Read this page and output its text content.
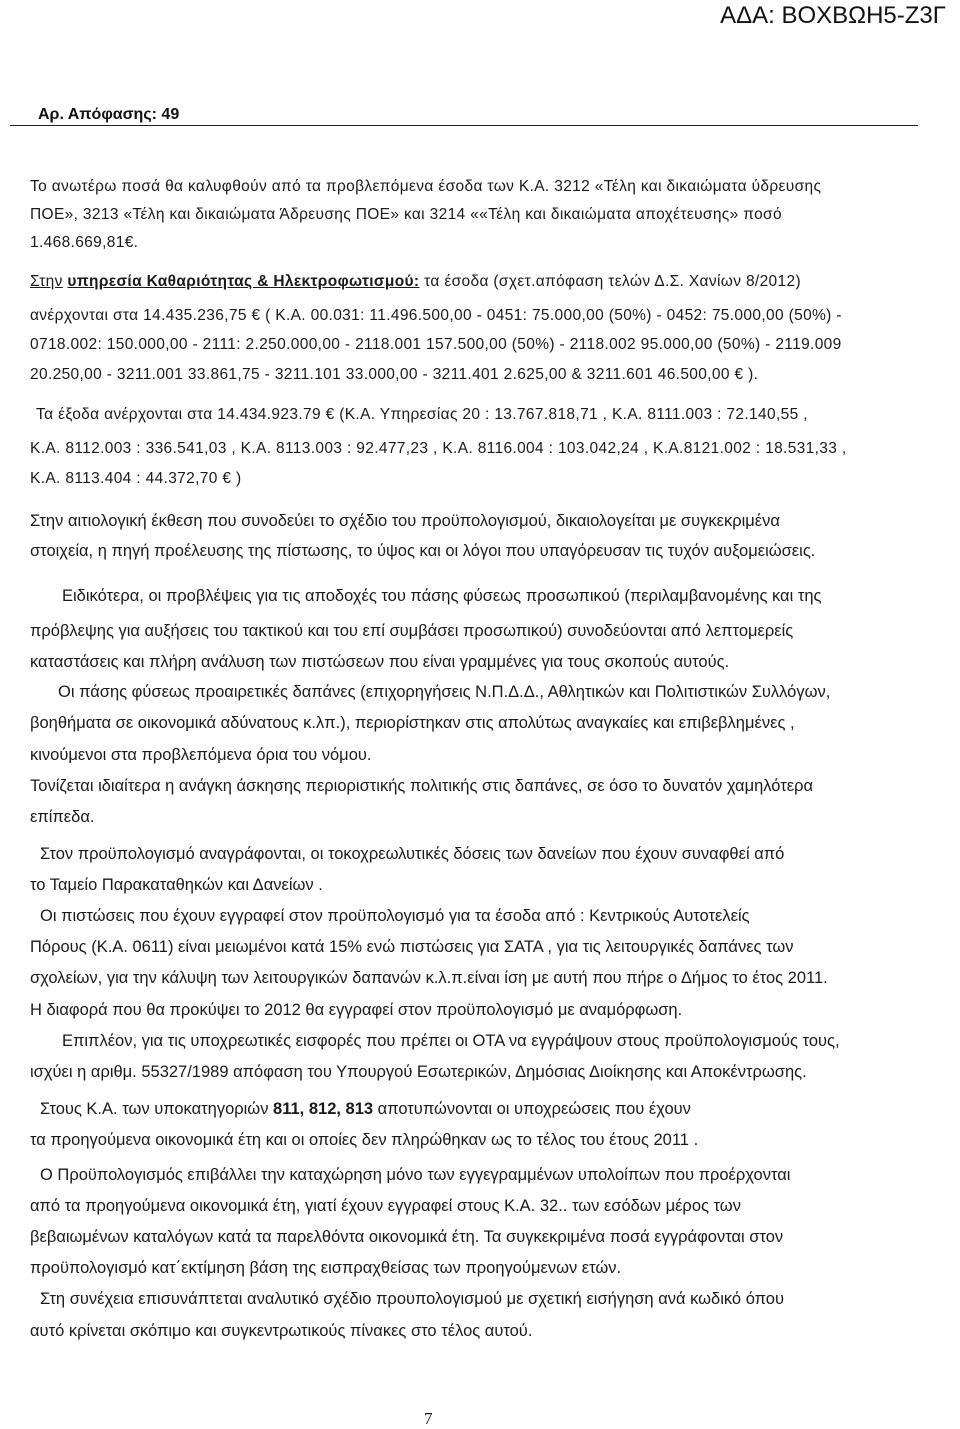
ΑΔΑ: ΒΟΧΒΩΗ5-Ζ3Γ
Αρ. Απόφασης: 49
Το ανωτέρω ποσά θα καλυφθούν από τα προβλεπόμενα έσοδα των Κ.Α. 3212 «Τέλη και δικαιώματα ύδρευσης
ΠΟΕ», 3213 «Τέλη και δικαιώματα Άδρευσης ΠΟΕ» και 3214 ««Τέλη και δικαιώματα αποχέτευσης» ποσό
1.468.669,81€.
Στην υπηρεσία Καθαριότητας & Ηλεκτροφωτισμού: τα έσοδα (σχετ.απόφαση τελών Δ.Σ. Χανίων 8/2012)
ανέρχονται στα 14.435.236,75 € ( Κ.Α. 00.031: 11.496.500,00 - 0451: 75.000,00 (50%) - 0452: 75.000,00 (50%) -
0718.002: 150.000,00 - 2111: 2.250.000,00 - 2118.001 157.500,00 (50%) - 2118.002 95.000,00 (50%) - 2119.009
20.250,00 - 3211.001 33.861,75 - 3211.101 33.000,00 - 3211.401 2.625,00 & 3211.601 46.500,00 € ).
Τα έξοδα ανέρχονται στα 14.434.923.79 € (Κ.Α. Υπηρεσίας 20 : 13.767.818,71 , Κ.Α. 8111.003 : 72.140,55 ,
Κ.Α. 8112.003 : 336.541,03 , Κ.Α. 8113.003 : 92.477,23 , Κ.Α. 8116.004 : 103.042,24 , Κ.Α.8121.002 : 18.531,33 ,
Κ.Α. 8113.404 : 44.372,70 € )
Στην αιτιολογική έκθεση που συνοδεύει το σχέδιο του προϋπολογισμού, δικαιολογείται με συγκεκριμένα
στοιχεία, η πηγή προέλευσης της πίστωσης, το ύψος και οι λόγοι που υπαγόρευσαν τις τυχόν αυξομειώσεις.
Ειδικότερα, οι προβλέψεις για τις αποδοχές του πάσης φύσεως προσωπικού (περιλαμβανομένης και της
πρόβλεψης για αυξήσεις του τακτικού και του επί συμβάσει προσωπικού) συνοδεύονται από λεπτομερείς
καταστάσεις και πλήρη ανάλυση των πιστώσεων που είναι γραμμένες για τους σκοπούς αυτούς.
Οι πάσης φύσεως προαιρετικές δαπάνες (επιχορηγήσεις Ν.Π.Δ.Δ., Αθλητικών και Πολιτιστικών Συλλόγων,
βοηθήματα σε οικονομικά αδύνατους κ.λπ.), περιορίστηκαν στις απολύτως αναγκαίες και επιβεβλημένες ,
κινούμενοι στα προβλεπόμενα όρια του νόμου.
Τονίζεται ιδιαίτερα η ανάγκη άσκησης περιοριστικής πολιτικής στις δαπάνες, σε όσο το δυνατόν χαμηλότερα
επίπεδα.
Στον προϋπολογισμό αναγράφονται, οι τοκοχρεωλυτικές δόσεις των δανείων που έχουν συναφθεί από
το Ταμείο Παρακαταθηκών και Δανείων .
Οι πιστώσεις που έχουν εγγραφεί στον προϋπολογισμό για τα έσοδα από : Κεντρικούς Αυτοτελείς
Πόρους (Κ.Α. 0611) είναι μειωμένοι κατά 15% ενώ πιστώσεις για ΣΑΤΑ , για τις λειτουργικές δαπάνες των
σχολείων, για την κάλυψη των λειτουργικών δαπανών κ.λ.π.είναι ίση με αυτή που πήρε ο Δήμος το έτος 2011.
Η διαφορά που θα προκύψει το 2012 θα εγγραφεί στον προϋπολογισμό με αναμόρφωση.
Επιπλέον, για τις υποχρεωτικές εισφορές που πρέπει οι ΟΤΑ να εγγράψουν στους προϋπολογισμούς τους,
ισχύει η αριθμ. 55327/1989 απόφαση του Υπουργού Εσωτερικών, Δημόσιας Διοίκησης και Αποκέντρωσης.
Στους Κ.Α. των υποκατηγοριών 811, 812, 813 αποτυπώνονται οι υποχρεώσεις που έχουν
τα προηγούμενα οικονομικά έτη και οι οποίες δεν πληρώθηκαν ως το τέλος του έτους 2011 .
Ο Προϋπολογισμός επιβάλλει την καταχώρηση μόνο των εγγεγραμμένων υπολοίπων που προέρχονται
από τα προηγούμενα οικονομικά έτη, γιατί έχουν εγγραφεί στους Κ.Α. 32.. των εσόδων μέρος των
βεβαιωμένων καταλόγων κατά τα παρελθόντα οικονομικά έτη. Τα συγκεκριμένα ποσά εγγράφονται στον
προϋπολογισμό κατ΄εκτίμηση βάση της εισπραχθείσας των προηγούμενων ετών.
Στη συνέχεια επισυνάπτεται αναλυτικό σχέδιο προυπολογισμού με σχετική εισήγηση ανά κωδικό όπου
αυτό κρίνεται σκόπιμο και συγκεντρωτικούς πίνακες στο τέλος αυτού.
7
